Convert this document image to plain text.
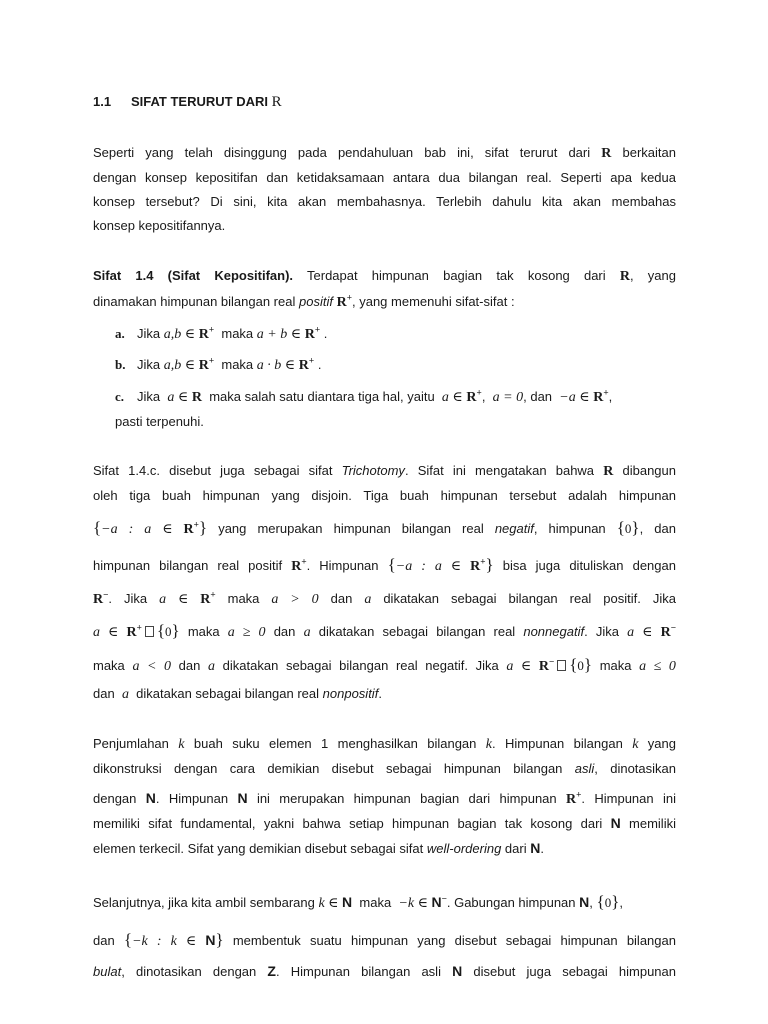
1.1 SIFAT TERURUT DARI R
Seperti yang telah disinggung pada pendahuluan bab ini, sifat terurut dari R berkaitan
dengan konsep kepositifan dan ketidaksamaan antara dua bilangan real. Seperti apa kedua
konsep tersebut? Di sini, kita akan membahasnya. Terlebih dahulu kita akan membahas
konsep kepositifannya.
Sifat 1.4 (Sifat Kepositifan). Terdapat himpunan bagian tak kosong dari R, yang
dinamakan himpunan bilangan real positif R+, yang memenuhi sifat-sifat :
a. Jika a,b ∈ R+ maka a + b ∈ R+ .
b. Jika a,b ∈ R+ maka a · b ∈ R+ .
c. Jika a ∈ R maka salah satu diantara tiga hal, yaitu a ∈ R+,  a = 0, dan −a ∈ R+,
pasti terpenuhi.
Sifat 1.4.c. disebut juga sebagai sifat Trichotomy. Sifat ini mengatakan bahwa R dibangun
oleh tiga buah himpunan yang disjoin. Tiga buah himpunan tersebut adalah himpunan
{−a : a ∈ R+} yang merupakan himpunan bilangan real negatif, himpunan {0}, dan
himpunan bilangan real positif R+. Himpunan {−a : a ∈ R+} bisa juga dituliskan dengan
R−. Jika a ∈ R+ maka a > 0 dan a dikatakan sebagai bilangan real positif. Jika
a ∈ R+ {0} maka a ≥ 0 dan a dikatakan sebagai bilangan real nonnegatif. Jika a ∈ R−
maka a < 0 dan a dikatakan sebagai bilangan real negatif. Jika a ∈ R− {0} maka a ≤ 0
dan a dikatakan sebagai bilangan real nonpositif.
Penjumlahan k buah suku elemen 1 menghasilkan bilangan k. Himpunan bilangan k yang
dikonstruksi dengan cara demikian disebut sebagai himpunan bilangan asli, dinotasikan
dengan N. Himpunan N ini merupakan himpunan bagian dari himpunan R+. Himpunan ini
memiliki sifat fundamental, yakni bahwa setiap himpunan bagian tak kosong dari N memiliki
elemen terkecil. Sifat yang demikian disebut sebagai sifat well-ordering dari N.
Selanjutnya, jika kita ambil sembarang k ∈ N maka −k ∈ N−. Gabungan himpunan N, {0},
dan {−k : k ∈ N} membentuk suatu himpunan yang disebut sebagai himpunan bilangan
bulat, dinotasikan dengan Z. Himpunan bilangan asli N disebut juga sebagai himpunan
